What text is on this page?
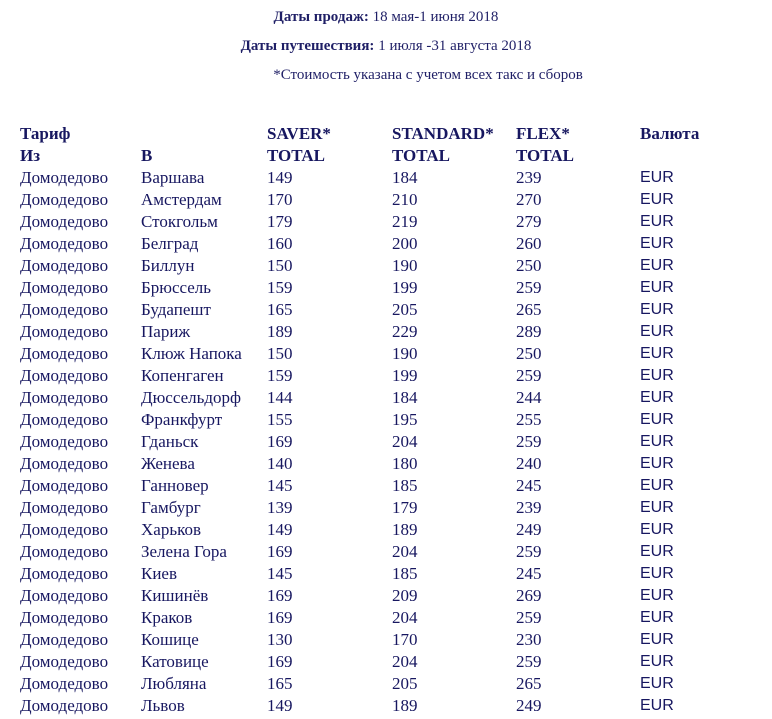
Даты продаж: 18 мая-1 июня 2018
Даты путешествия: 1 июля -31 августа 2018
*Стоимость указана с учетом всех такс и сборов
Тариф		SAVER*	STANDARD*	FLEX*	Валюта
Из	В	TOTAL	TOTAL	TOTAL	
Домодедово	Варшава	149	184	239	EUR
Домодедово	Амстердам	170	210	270	EUR
Домодедово	Стокгольм	179	219	279	EUR
Домодедово	Белград	160	200	260	EUR
Домодедово	Биллун	150	190	250	EUR
Домодедово	Брюссель	159	199	259	EUR
Домодедово	Будапешт	165	205	265	EUR
Домодедово	Париж	189	229	289	EUR
Домодедово	Клюж Напока	150	190	250	EUR
Домодедово	Копенгаген	159	199	259	EUR
Домодедово	Дюссельдорф	144	184	244	EUR
Домодедово	Франкфурт	155	195	255	EUR
Домодедово	Гданьск	169	204	259	EUR
Домодедово	Женева	140	180	240	EUR
Домодедово	Ганновер	145	185	245	EUR
Домодедово	Гамбург	139	179	239	EUR
Домодедово	Харьков	149	189	249	EUR
Домодедово	Зелена Гора	169	204	259	EUR
Домодедово	Киев	145	185	245	EUR
Домодедово	Кишинёв	169	209	269	EUR
Домодедово	Краков	169	204	259	EUR
Домодедово	Кошице	130	170	230	EUR
Домодедово	Катовице	169	204	259	EUR
Домодедово	Любляна	165	205	265	EUR
Домодедово	Львов	149	189	249	EUR
